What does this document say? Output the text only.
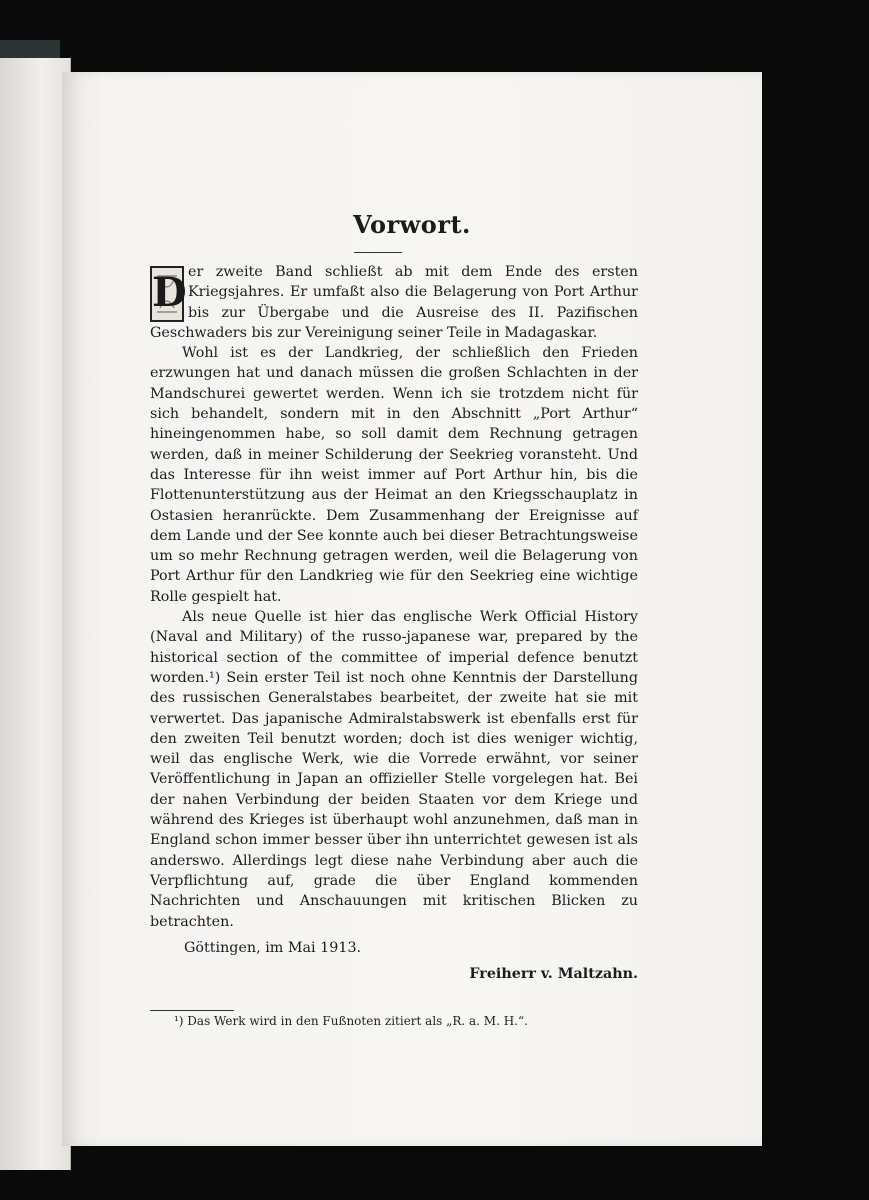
Vorwort.

D er zweite Band schließt ab mit dem Ende des ersten Kriegsjahres. Er umfaßt also die Belagerung von Port Arthur bis zur Übergabe und die Ausreise des II. Pazifischen Geschwaders bis zur Vereinigung seiner Teile in Madagaskar.

Wohl ist es der Landkrieg, der schließlich den Frieden erzwungen hat und danach müssen die großen Schlachten in der Mandschurei gewertet werden. Wenn ich sie trotzdem nicht für sich behandelt, sondern mit in den Abschnitt „Port Arthur“ hineingenommen habe, so soll damit dem Rechnung getragen werden, daß in meiner Schilderung der Seekrieg voransteht. Und das Interesse für ihn weist immer auf Port Arthur hin, bis die Flottenunterstützung aus der Heimat an den Kriegsschauplatz in Ostasien heranrückte. Dem Zusammenhang der Ereignisse auf dem Lande und der See konnte auch bei dieser Betrachtungsweise um so mehr Rechnung getragen werden, weil die Belagerung von Port Arthur für den Landkrieg wie für den Seekrieg eine wichtige Rolle gespielt hat.

Als neue Quelle ist hier das englische Werk Official History (Naval and Military) of the russo-japanese war, prepared by the historical section of the committee of imperial defence benutzt worden.¹) Sein erster Teil ist noch ohne Kenntnis der Darstellung des russischen Generalstabes bearbeitet, der zweite hat sie mit verwertet. Das japanische Admiralstabswerk ist ebenfalls erst für den zweiten Teil benutzt worden; doch ist dies weniger wichtig, weil das englische Werk, wie die Vorrede erwähnt, vor seiner Veröffentlichung in Japan an offizieller Stelle vorgelegen hat. Bei der nahen Verbindung der beiden Staaten vor dem Kriege und während des Krieges ist überhaupt wohl anzunehmen, daß man in England schon immer besser über ihn unterrichtet gewesen ist als anderswo. Allerdings legt diese nahe Verbindung aber auch die Verpflichtung auf, grade die über England kommenden Nachrichten und Anschauungen mit kritischen Blicken zu betrachten.

Göttingen, im Mai 1913.

Freiherr v. Maltzahn.

¹) Das Werk wird in den Fußnoten zitiert als „R. a. M. H.“.
